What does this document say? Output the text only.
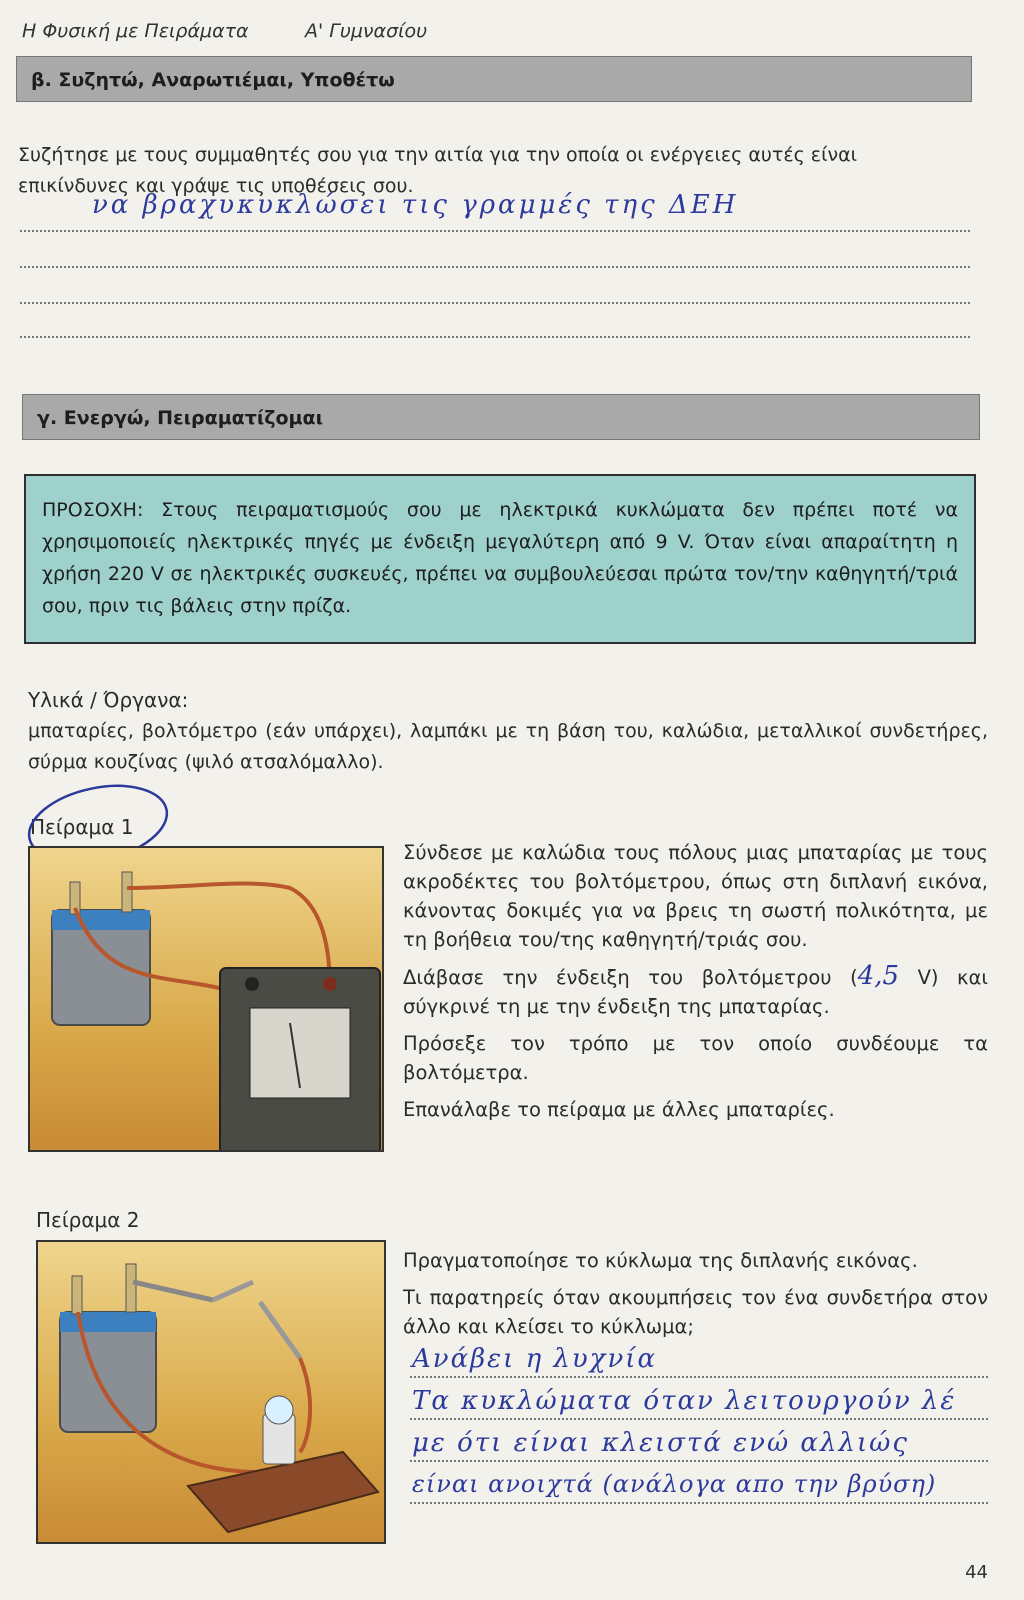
Η Φυσική με Πειράματα	Α' Γυμνασίου
β. Συζητώ, Αναρωτιέμαι, Υποθέτω
Συζήτησε με τους συμμαθητές σου για την αιτία για την οποία οι ενέργειες αυτές είναι επικίνδυνες και γράψε τις υποθέσεις σου.
να βραχυκυκλώσει τις γραμμές της ΔΕΗ
γ. Ενεργώ, Πειραματίζομαι
ΠΡΟΣΟΧΗ: Στους πειραματισμούς σου με ηλεκτρικά κυκλώματα δεν πρέπει ποτέ να χρησιμοποιείς ηλεκτρικές πηγές με ένδειξη μεγαλύτερη από 9 V. Όταν είναι απαραίτητη η χρήση 220 V σε ηλεκτρικές συσκευές, πρέπει να συμβουλεύεσαι πρώτα τον/την καθηγητή/τριά σου, πριν τις βάλεις στην πρίζα.
Υλικά / Όργανα:
μπαταρίες, βολτόμετρο (εάν υπάρχει), λαμπάκι με τη βάση του, καλώδια, μεταλλικοί συνδετήρες, σύρμα κουζίνας (ψιλό ατσαλόμαλλο).
Πείραμα 1

Σύνδεσε με καλώδια τους πόλους μιας μπαταρίας με τους ακροδέκτες του βολτόμετρου, όπως στη διπλανή εικόνα, κάνοντας δοκιμές για να βρεις τη σωστή πολικότητα, με τη βοήθεια του/της καθηγητή/τριάς σου.

Διάβασε την ένδειξη του βολτόμετρου (4,5 V) και σύγκρινέ τη με την ένδειξη της μπαταρίας.

Πρόσεξε τον τρόπο με τον οποίο συνδέουμε τα βολτόμετρα.

Επανάλαβε το πείραμα με άλλες μπαταρίες.

Πείραμα 2

Πραγματοποίησε το κύκλωμα της διπλανής εικόνας.

Τι παρατηρείς όταν ακουμπήσεις τον ένα συνδετήρα στον άλλο και κλείσει το κύκλωμα;

Ανάβει η λυχνία
Τα κυκλώματα όταν λειτουργούν λέ
με ότι είναι κλειστά ενώ αλλιώς
είναι ανοιχτά (ανάλογα απο την βρύση)
44
